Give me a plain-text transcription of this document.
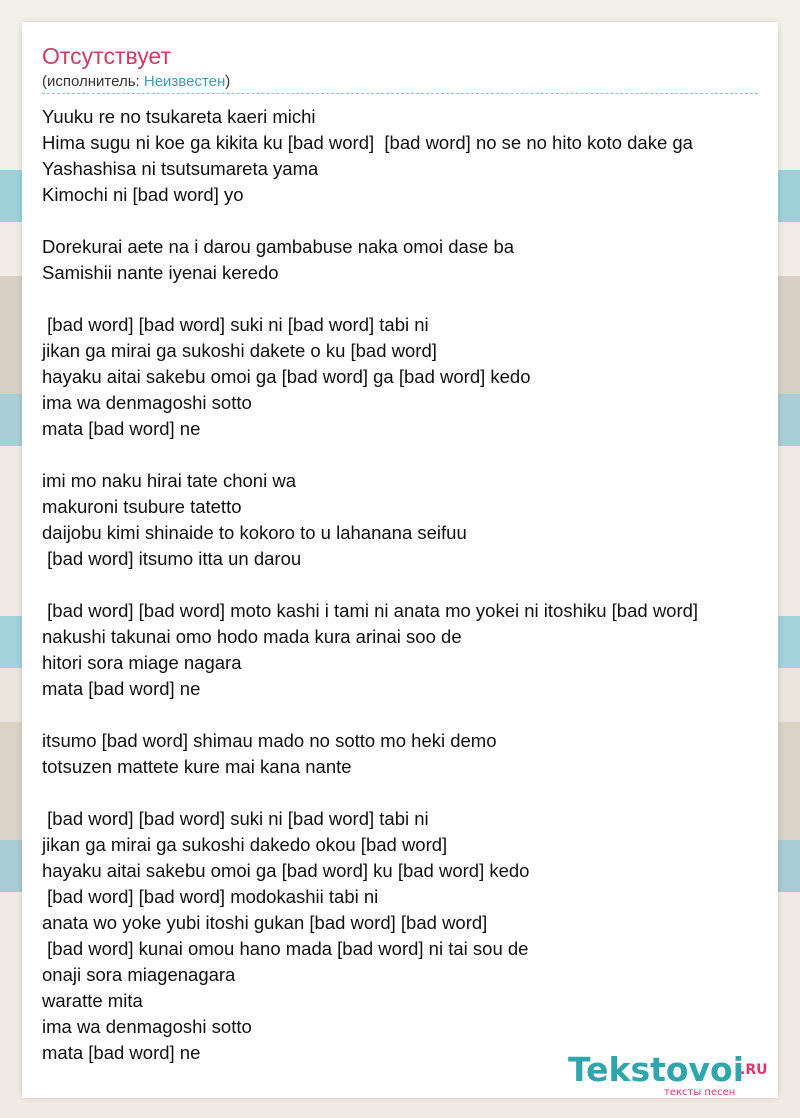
Отсутствует
(исполнитель: Неизвестен)
Yuuku re no tsukareta kaeri michi
Hima sugu ni koe ga kikita ku [bad word]  [bad word] no se no hito koto dake ga
Yashashisa ni tsutsumareta yama
Kimochi ni [bad word] yo
Dorekurai aete na i darou gambabuse naka omoi dase ba
Samishii nante iyenai keredo
[bad word] [bad word] suki ni [bad word] tabi ni
jikan ga mirai ga sukoshi dakete o ku [bad word]
hayaku aitai sakebu omoi ga [bad word] ga [bad word] kedo
ima wa denmagoshi sotto
mata [bad word] ne
imi mo naku hirai tate choni wa
makuroni tsubure tatetto
daijobu kimi shinaide to kokoro to u lahanana seifuu
[bad word] itsumo itta un darou
[bad word] [bad word] moto kashi i tami ni anata mo yokei ni itoshiku [bad word]
nakushi takunai omo hodo mada kura arinai soo de
hitori sora miage nagara
mata [bad word] ne
itsumo [bad word] shimau mado no sotto mo heki demo
totsuzen mattete kure mai kana nante
[bad word] [bad word] suki ni [bad word] tabi ni
jikan ga mirai ga sukoshi dakedo okou [bad word]
hayaku aitai sakebu omoi ga [bad word] ku [bad word] kedo
[bad word] [bad word] modokashii tabi ni
anata wo yoke yubi itoshi gukan [bad word] [bad word]
[bad word] kunai omou hano mada [bad word] ni tai sou de
onaji sora miagenagara
waratte mita
ima wa denmagoshi sotto
mata [bad word] ne	Tekstovoi
.RU
тексты песен
